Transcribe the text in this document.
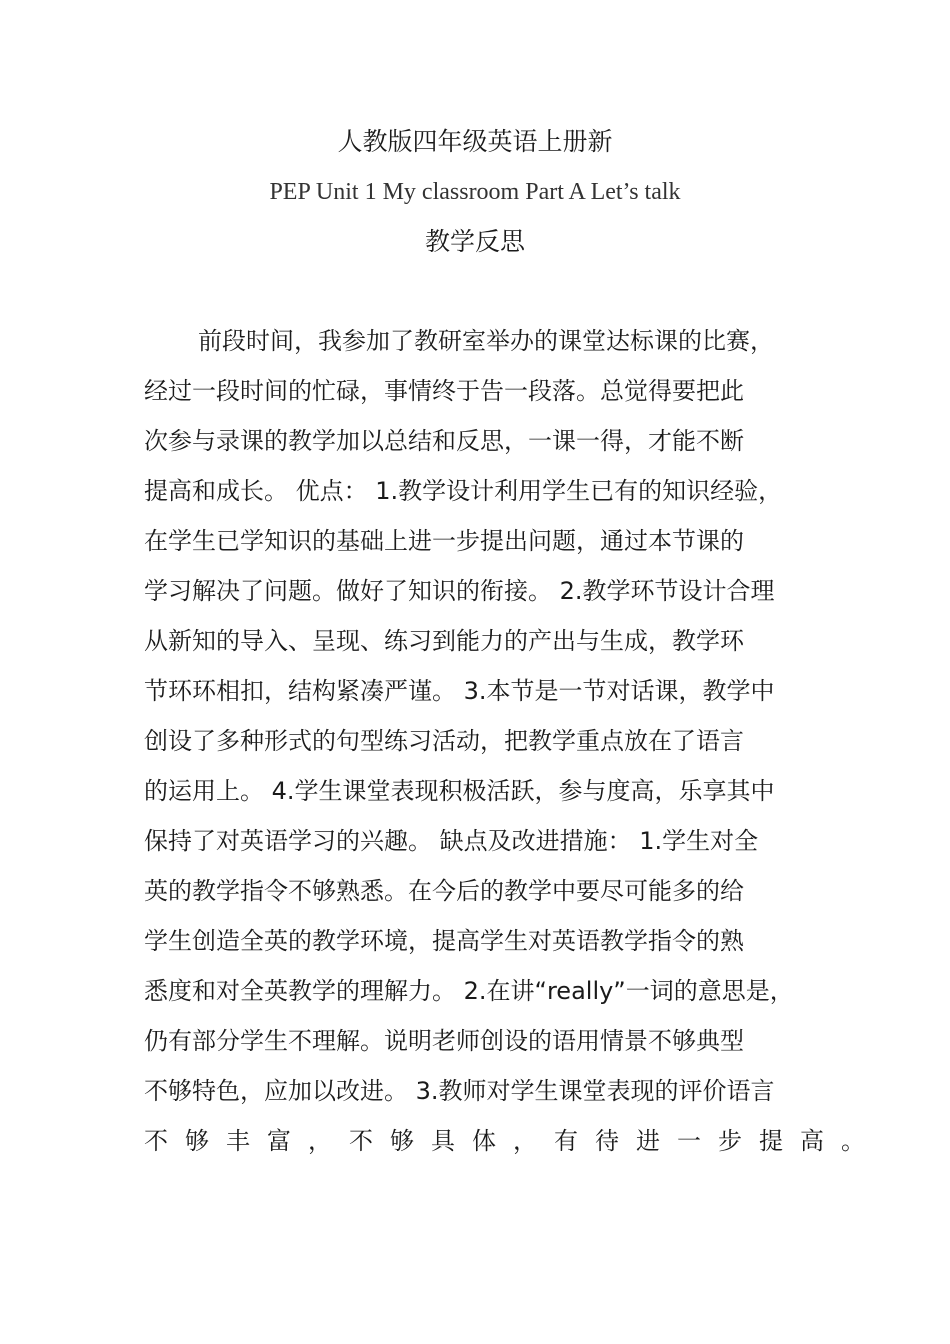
人教版四年级英语上册新
PEP Unit 1 My classroom Part A Let’s talk
教学反思
前段时间，我参加了教研室举办的课堂达标课的比赛，
经过一段时间的忙碌，事情终于告一段落。总觉得要把此
次参与录课的教学加以总结和反思，一课一得，才能不断
提高和成长。 优点： 1.教学设计利用学生已有的知识经验，
在学生已学知识的基础上进一步提出问题，通过本节课的
学习解决了问题。做好了知识的衔接。 2.教学环节设计合理
从新知的导入、呈现、练习到能力的产出与生成，教学环
节环环相扣，结构紧凑严谨。 3.本节是一节对话课，教学中
创设了多种形式的句型练习活动，把教学重点放在了语言
的运用上。 4.学生课堂表现积极活跃，参与度高，乐享其中
保持了对英语学习的兴趣。 缺点及改进措施： 1.学生对全
英的教学指令不够熟悉。在今后的教学中要尽可能多的给
学生创造全英的教学环境，提高学生对英语教学指令的熟
悉度和对全英教学的理解力。 2.在讲“really”一词的意思是，
仍有部分学生不理解。说明老师创设的语用情景不够典型
不够特色，应加以改进。 3.教师对学生课堂表现的评价语言
不够丰富，不够具体，有待进一步提高。
